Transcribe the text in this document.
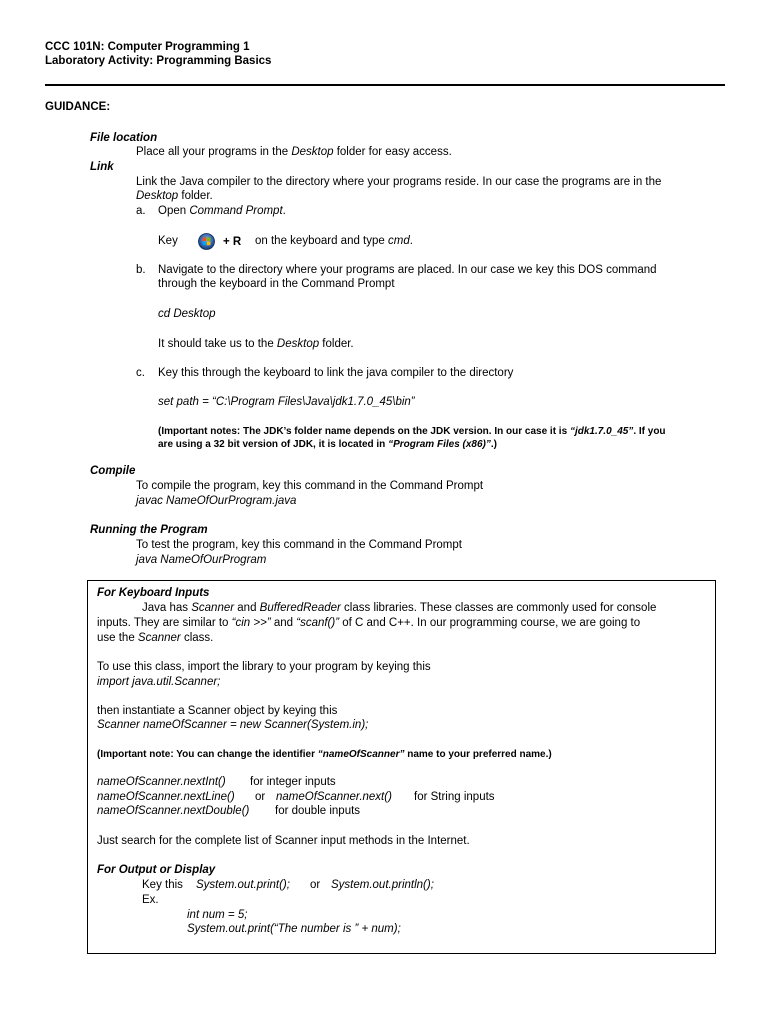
CCC 101N: Computer Programming 1
Laboratory Activity: Programming Basics
GUIDANCE:
File location
Place all your programs in the Desktop folder for easy access.
Link
Link the Java compiler to the directory where your programs reside. In our case the programs are in the
Desktop folder.
a. Open Command Prompt.
Key	+ R on the keyboard and type cmd.
b. Navigate to the directory where your programs are placed. In our case we key this DOS command
through the keyboard in the Command Prompt
cd Desktop
It should take us to the Desktop folder.
c. Key this through the keyboard to link the java compiler to the directory
set path = “C:\Program Files\Java\jdk1.7.0_45\bin”
(Important notes: The JDK’s folder name depends on the JDK version. In our case it is “jdk1.7.0_45”. If you
are using a 32 bit version of JDK, it is located in “Program Files (x86)”.)
Compile
To compile the program, key this command in the Command Prompt
javac NameOfOurProgram.java
Running the Program
To test the program, key this command in the Command Prompt
java NameOfOurProgram
For Keyboard Inputs
Java has Scanner and BufferedReader class libraries. These classes are commonly used for console
inputs. They are similar to “cin >>” and “scanf()” of C and C++. In our programming course, we are going to
use the Scanner class.
To use this class, import the library to your program by keying this
import java.util.Scanner;
then instantiate a Scanner object by keying this
Scanner nameOfScanner = new Scanner(System.in);
(Important note: You can change the identifier “nameOfScanner” name to your preferred name.)
nameOfScanner.nextInt() for integer inputs
nameOfScanner.nextLine() or nameOfScanner.next() for String inputs
nameOfScanner.nextDouble() for double inputs
Just search for the complete list of Scanner input methods in the Internet.
For Output or Display
Key this System.out.print(); or System.out.println();
Ex.
int num = 5;
System.out.print(“The number is ” + num);
